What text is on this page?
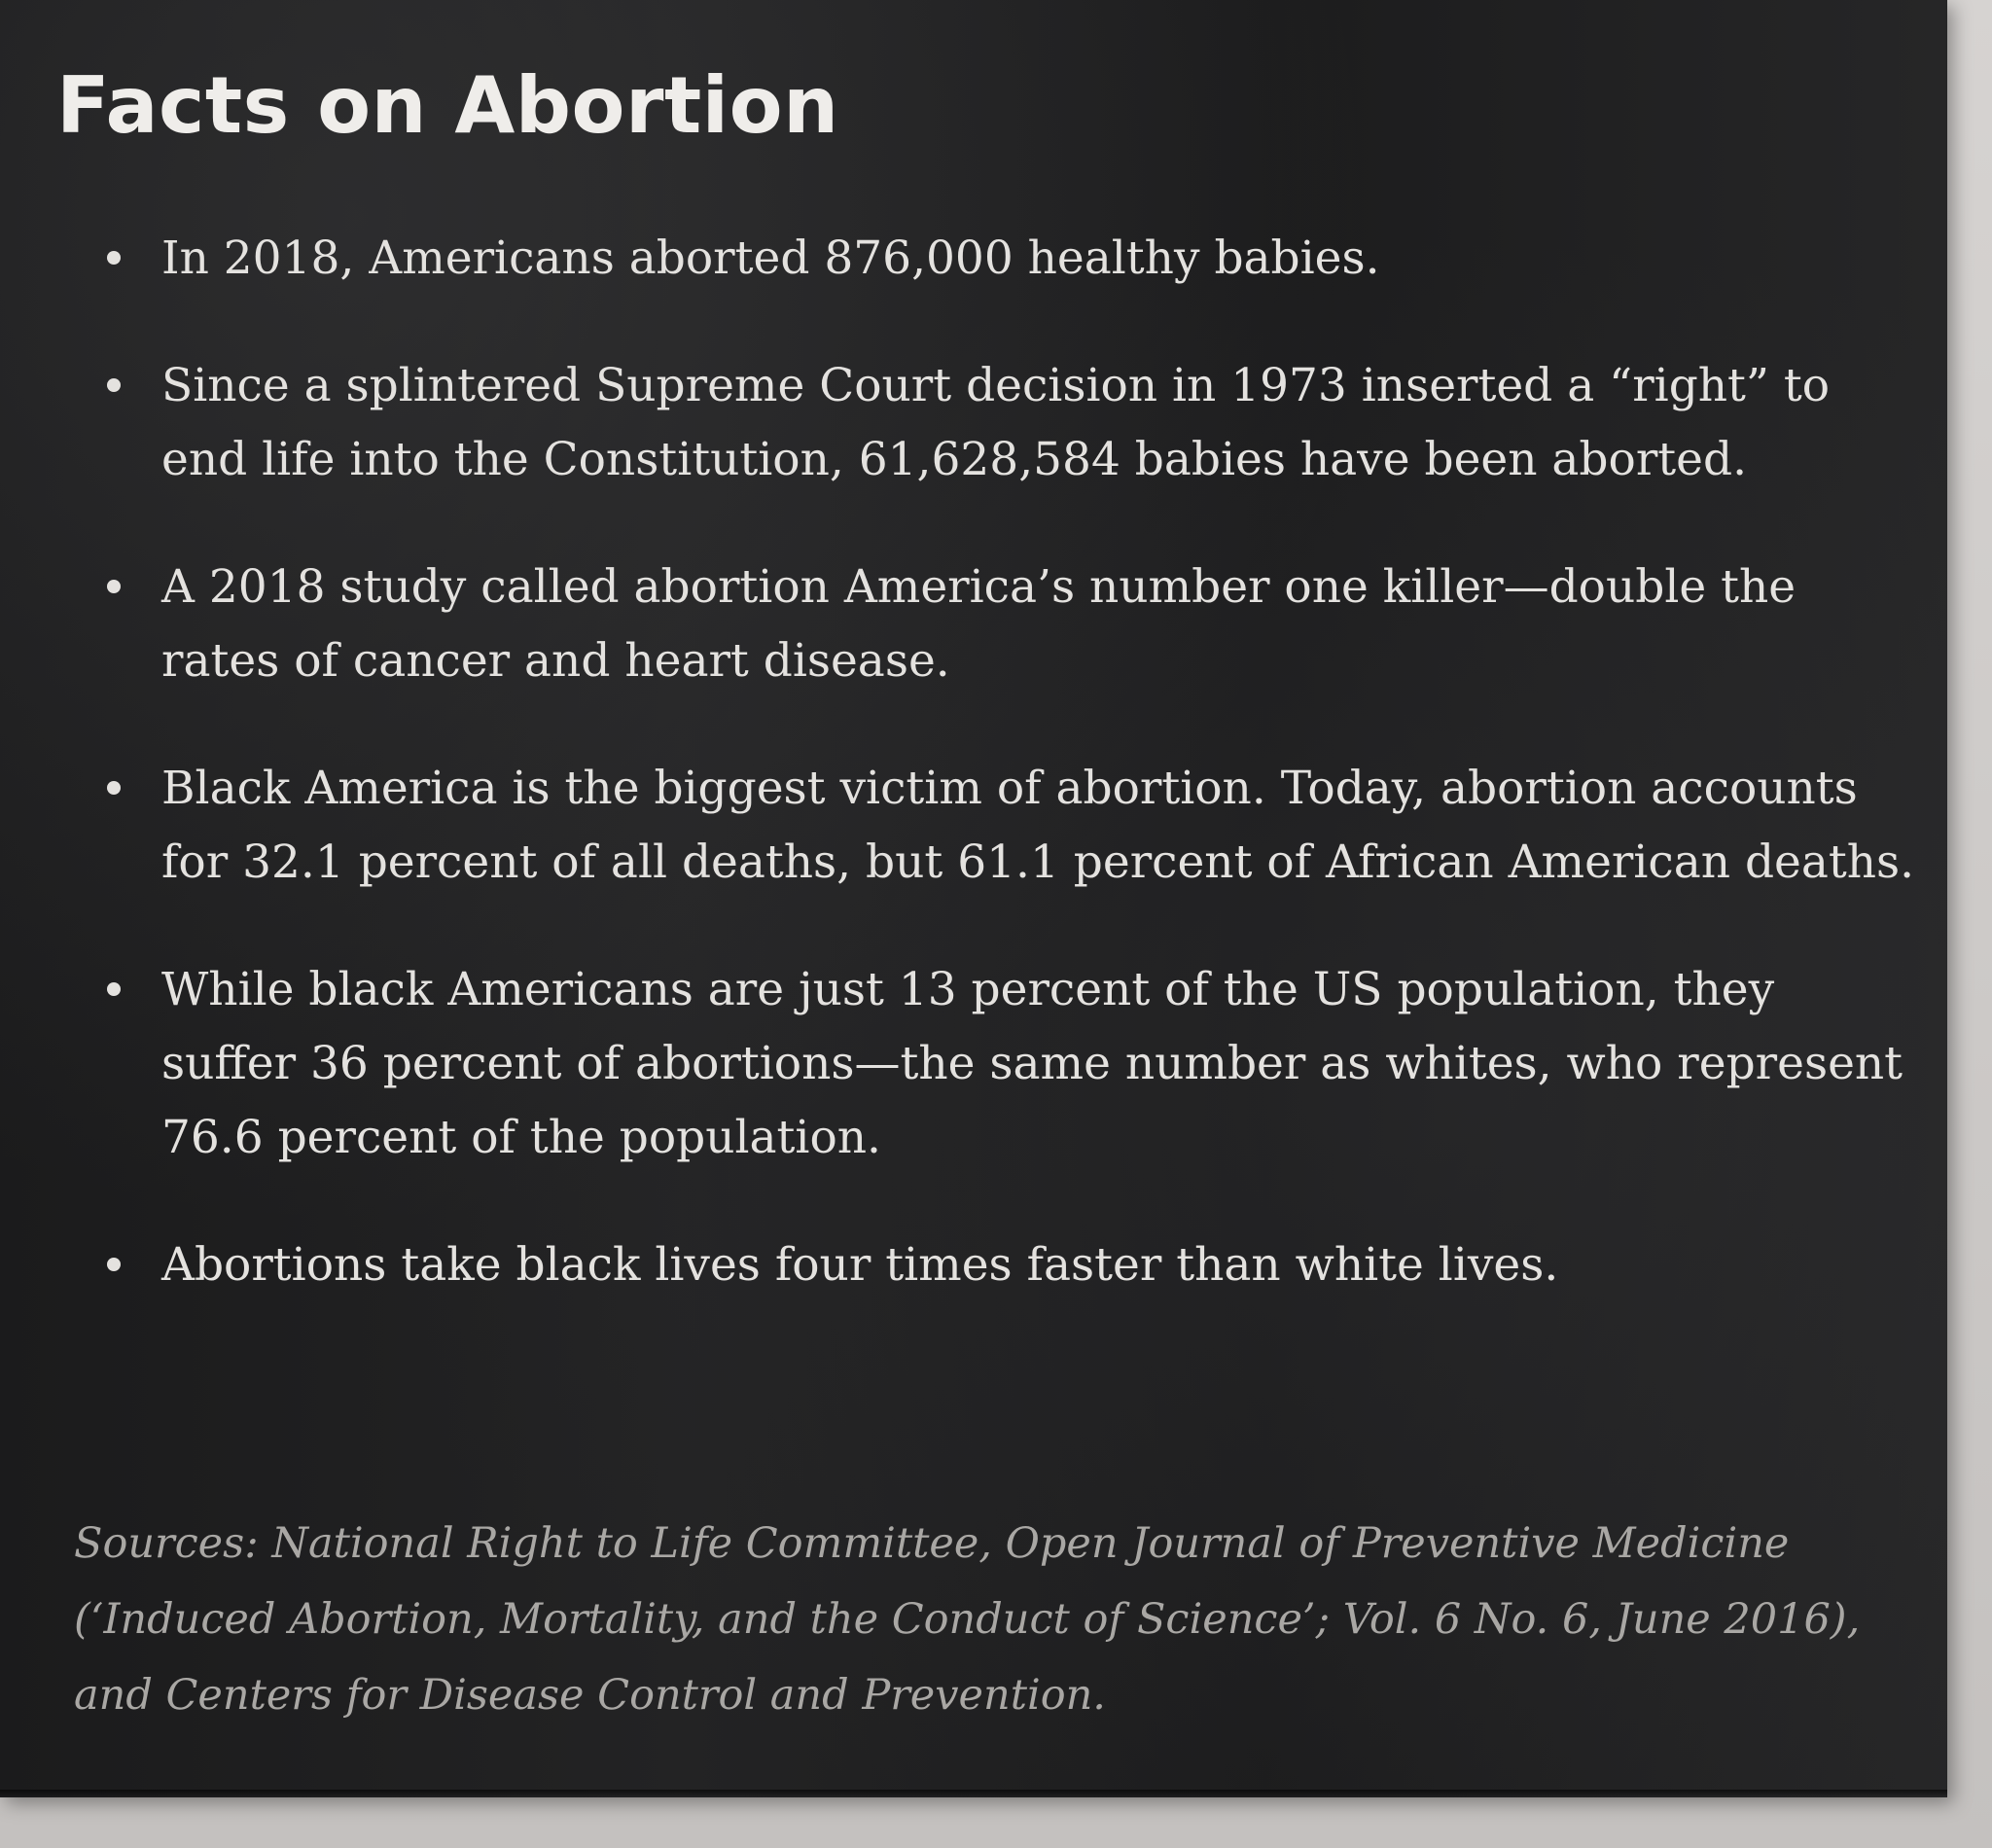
Facts on Abortion
In 2018, Americans aborted 876,000 healthy babies.
Since a splintered Supreme Court decision in 1973 inserted a “right” to end life into the Constitution, 61,628,584 babies have been aborted.
A 2018 study called abortion America’s number one killer—double the rates of cancer and heart disease.
Black America is the biggest victim of abortion. Today, abortion accounts for 32.1 percent of all deaths, but 61.1 percent of African American deaths.
While black Americans are just 13 percent of the US population, they suffer 36 percent of abortions—the same number as whites, who represent 76.6 percent of the population.
Abortions take black lives four times faster than white lives.

Sources: National Right to Life Committee, Open Journal of Preventive Medicine (‘Induced Abortion, Mortality, and the Conduct of Science’; Vol. 6 No. 6, June 2016), and Centers for Disease Control and Prevention.
